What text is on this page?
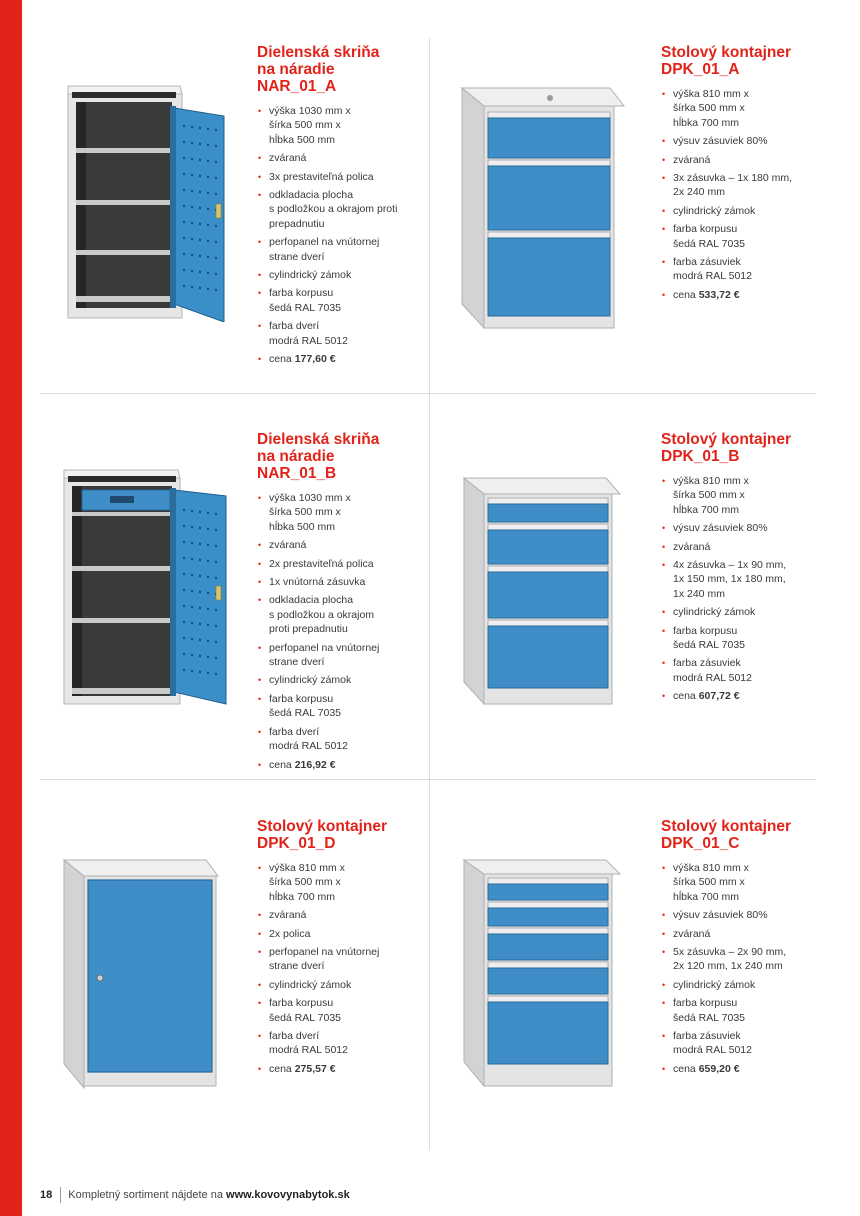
Dielenská skriňa
na náradie
NAR_01_A
• výška 1030 mm x
šírka 500 mm x
hĺbka 500 mm
• zváraná
• 3x prestaviteľná polica
• odkladacia plocha
s podložkou a okrajom proti
prepadnutiu
• perfopanel na vnútornej
strane dverí
• cylindrický zámok
• farba korpusu
šedá RAL 7035
• farba dverí
modrá RAL 5012
• cena 177,60 €
Stolový kontajner
DPK_01_A
• výška 810 mm x
šírka 500 mm x
hĺbka 700 mm
• výsuv zásuviek 80%
• zváraná
• 3x zásuvka – 1x 180 mm,
2x 240 mm
• cylindrický zámok
• farba korpusu
šedá RAL 7035
• farba zásuviek
modrá RAL 5012
• cena 533,72 €
Dielenská skriňa
na náradie
NAR_01_B
• výška 1030 mm x
šírka 500 mm x
hĺbka 500 mm
• zváraná
• 2x prestaviteľná polica
• 1x vnútorná zásuvka
• odkladacia plocha
s podložkou a okrajom
proti prepadnutiu
• perfopanel na vnútornej
strane dverí
• cylindrický zámok
• farba korpusu
šedá RAL 7035
• farba dverí
modrá RAL 5012
• cena 216,92 €
Stolový kontajner
DPK_01_B
• výška 810 mm x
šírka 500 mm x
hĺbka 700 mm
• výsuv zásuviek 80%
• zváraná
• 4x zásuvka – 1x 90 mm,
1x 150 mm, 1x 180 mm,
1x 240 mm
• cylindrický zámok
• farba korpusu
šedá RAL 7035
• farba zásuviek
modrá RAL 5012
• cena 607,72 €
Stolový kontajner
DPK_01_D
• výška 810 mm x
šírka 500 mm x
hĺbka 700 mm
• zváraná
• 2x polica
• perfopanel na vnútornej
strane dverí
• cylindrický zámok
• farba korpusu
šedá RAL 7035
• farba dverí
modrá RAL 5012
• cena 275,57 €
Stolový kontajner
DPK_01_C
• výška 810 mm x
šírka 500 mm x
hĺbka 700 mm
• výsuv zásuviek 80%
• zváraná
• 5x zásuvka – 2x 90 mm,
2x 120 mm, 1x 240 mm
• cylindrický zámok
• farba korpusu
šedá RAL 7035
• farba zásuviek
modrá RAL 5012
• cena 659,20 €
18 Kompletný sortiment nájdete na
www.kovovynabytok.sk
